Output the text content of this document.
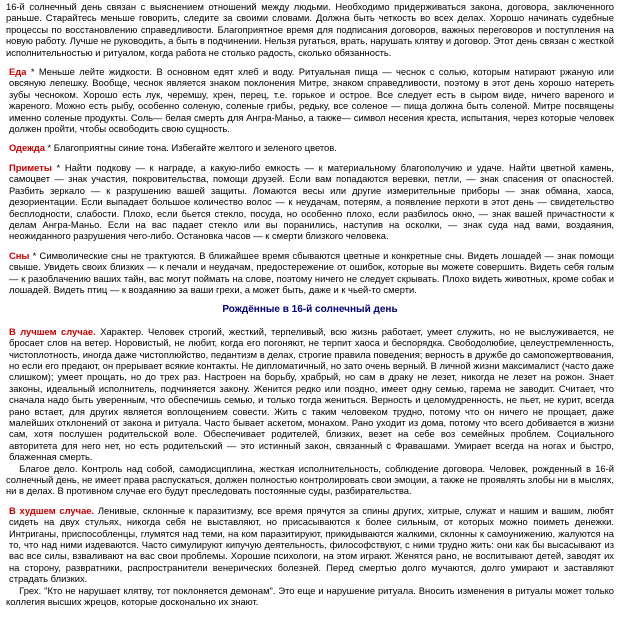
16-й солнечный день связан с выяснением отношений между людьми. Необходимо придерживаться закона, договора, заключенного раньше. Старайтесь меньше говорить, следите за своими словами. Должна быть четкость во всех делах. Хорошо начинать судебные процессы по восстановлению справедливости. Благоприятное время для подписания договоров, важных переговоров и поступления на новую работу. Лучше не руководить, а быть в подчинении. Нельзя ругаться, врать, нарушать клятву и договор. Этот день связан с жесткой исполнительностью и ритуалом, когда работа не столько радость, сколько обязанность.

Еда * Меньше лейте жидкости. В основном едят хлеб и воду. Ритуальная пища — чеснок с солью, которым натирают ржаную или овсяную лепешку. Вообще, чеснок является знаком поклонения Митре, знаком справедливости, поэтому в этот день хорошо натереть зубы чесноком. Хорошо есть лук, черемшу, хрен, перец, т.е. горькое и острое. Все следует есть в сыром виде, ничего вареного и жареного. Можно есть рыбу, особенно соленую, соленые грибы, редьку, все соленое — пища должна быть соленой. Митре посвящены именно соленые продукты. Соль— белая смерть для Ангра-Маньо, а также— символ несения креста, испытания, через которые человек должен пройти, чтобы освободить свою сущность.

Одежда * Благоприятны синие тона. Избегайте желтого и зеленого цветов.

Приметы * Найти подкову — к награде, а какую-либо емкость — к материальному благополучию и удаче. Найти цветной камень, самоцвет — знак участия, покровительства, помощи друзей. Если вам попадаются веревки, петли, — знак спасения от опасностей. Разбить зеркало — к разрушению вашей защиты. Ломаются весы или другие измерительные приборы — знак обмана, хаоса, дезориентации. Если выпадает большое количество волос — к неудачам, потерям, а появление перхоти в этот день — свидетельство бесплодности, слабости. Плохо, если бьется стекло, посуда, но особенно плохо, если разбилось окно, — знак вашей причастности к делам Ангра-Маньо. Если на вас падает стекло или вы поранились, наступив на осколки, — знак суда над вами, воздаяния, неожиданного разрушения чего-либо. Остановка часов — к смерти близкого человека.

Сны * Символические сны не трактуются. В ближайшее время сбываются цветные и конкретные сны. Видеть лошадей — знак помощи свыше. Увидеть своих близких — к печали и неудачам, предостережение от ошибок, которые вы можете совершить. Видеть себя голым — к разоблачению ваших тайн, вас могут поймать на слове, поэтому ничего не следует скрывать. Плохо видеть животных, кроме собак и лошадей. Видеть птиц — к воздаянию за ваши грехи, а может быть, даже и к чьей-то смерти.

Рождённые в 16-й солнечный день

В лучшем случае. Характер. Человек строгий, жесткий, терпеливый, всю жизнь работает, умеет служить, но не выслуживается, не бросает слов на ветер. Норовистый, не любит, когда его погоняют, не терпит хаоса и беспорядка. Свободолюбие, целеустремленность, чистоплотность, иногда даже чистоплюйство, педантизм в делах, строгие правила поведения; верность в дружбе до самопожертвования, но если его предают, он прерывает всякие контакты. Не дипломатичный, но зато очень верный. В личной жизни максималист (часто даже слишком); умеет прощать, но до трех раз. Настроен на борьбу, храбрый, но сам в драку не лезет, никогда не лезет на рожон. Знает законы, идеальный исполнитель, подчиняется закону. Женится редко или поздно, имеет одну семью, гарема не заводит. Считает, что сначала надо быть уверенным, что обеспечишь семью, и только тогда жениться. Верность и целомудренность, не пьет, не курит, всегда рано встает, для других является воплощением совести. Жить с таким человеком трудно, потому что он ничего не прощает, даже малейших отклонений от закона и ритуала. Часто бывает аскетом, монахом. Рано уходит из дома, потому что всего добивается в жизни сам, хотя послушен родительской воле. Обеспечивает родителей, близких, везет на себе воз семейных проблем. Социального авторитета для него нет, но есть родительский — это истинный закон, связанный с Фравашами. Умирает всегда на ногах и быстро, блаженная смерть.

Благое дело. Контроль над собой, самодисциплина, жесткая исполнительность, соблюдение договора. Человек, рожденный в 16-й солнечный день, не имеет права распускаться, должен полностью контролировать свои эмоции, а также не проявлять злобы ни в мыслях, ни в делах. В противном случае его будут преследовать постоянные суды, разбирательства.

В худшем случае. Ленивые, склонные к паразитизму, все время прячутся за спины других, хитрые, служат и нашим и вашим, любят сидеть на двух стульях, никогда себя не выставляют, но присасываются к более сильным, от которых можно поиметь денежки. Интриганы, приспособленцы, глумятся над теми, на ком паразитируют, прикидываются жалкими, склонны к самоунижению, жалуются на то, что над ними издеваются. Часто симулируют кипучую деятельность, философствуют, с ними трудно жить: они как бы высасывают из вас все силы, взваливают на вас свои проблемы. Хорошие психологи, на этом играют. Женятся рано, не воспитывают детей, заводят их на сторону, развратники, распространители венерических болезней. Перед смертью долго мучаются, долго умирают и заставляют страдать близких.

Грех. "Кто не нарушает клятву, тот поклоняется демонам". Это еще и нарушение ритуала. Вносить изменения в ритуалы может только коллегия высших жрецов, которые досконально их знают.
